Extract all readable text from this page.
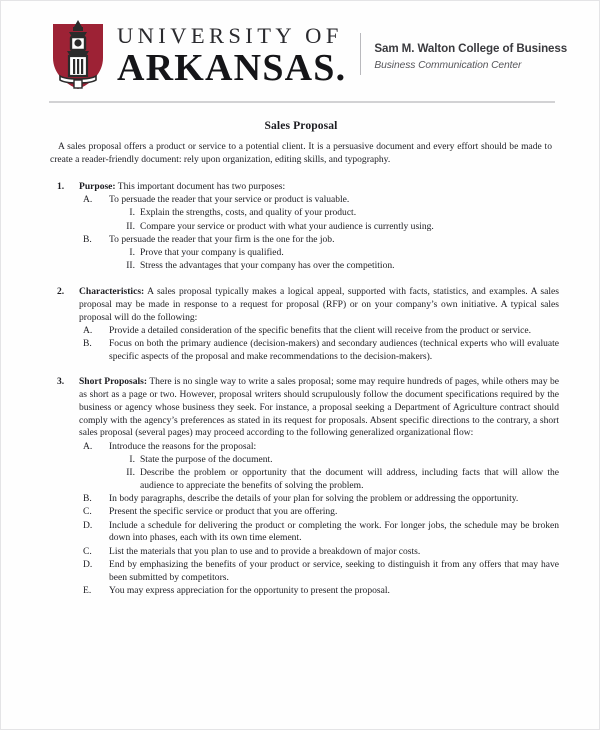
UNIVERSITY OF
ARKANSAS. Sam M. Walton College of Business
Business Communication Center
Sales Proposal

A sales proposal offers a product or service to a potential client. It is a persuasive document and every effort should be made to create a reader-friendly document: rely upon organization, editing skills, and typography.

1.	Purpose: This important document has two purposes:
A.	To persuade the reader that your service or product is valuable.
I. Explain the strengths, costs, and quality of your product.
II. Compare your service or product with what your audience is currently using.
B.	To persuade the reader that your firm is the one for the job.
I. Prove that your company is qualified.
II. Stress the advantages that your company has over the competition.
2.	Characteristics: A sales proposal typically makes a logical appeal, supported with facts, statistics, and examples. A sales proposal may be made in response to a request for proposal (RFP) or on your company’s own initiative. A typical sales proposal will do the following:
A.	Provide a detailed consideration of the specific benefits that the client will receive from the product or service.
B.	Focus on both the primary audience (decision-makers) and secondary audiences (technical experts who will evaluate specific aspects of the proposal and make recommendations to the decision-makers).
3.	Short Proposals: There is no single way to write a sales proposal; some may require hundreds of pages, while others may be as short as a page or two. However, proposal writers should scrupulously follow the document specifications required by the business or agency whose business they seek. For instance, a proposal seeking a Department of Agriculture contract should comply with the agency’s preferences as stated in its request for proposals. Absent specific directions to the contrary, a short sales proposal (several pages) may proceed according to the following generalized organizational flow:
A.	Introduce the reasons for the proposal:
I. State the purpose of the document.
II. Describe the problem or opportunity that the document will address, including facts that will allow the audience to appreciate the benefits of solving the problem.
B.	In body paragraphs, describe the details of your plan for solving the problem or addressing the opportunity.
C.	Present the specific service or product that you are offering.
D.	Include a schedule for delivering the product or completing the work. For longer jobs, the schedule may be broken down into phases, each with its own time element.
C.	List the materials that you plan to use and to provide a breakdown of major costs.
D.	End by emphasizing the benefits of your product or service, seeking to distinguish it from any offers that may have been submitted by competitors.
E.	You may express appreciation for the opportunity to present the proposal.
